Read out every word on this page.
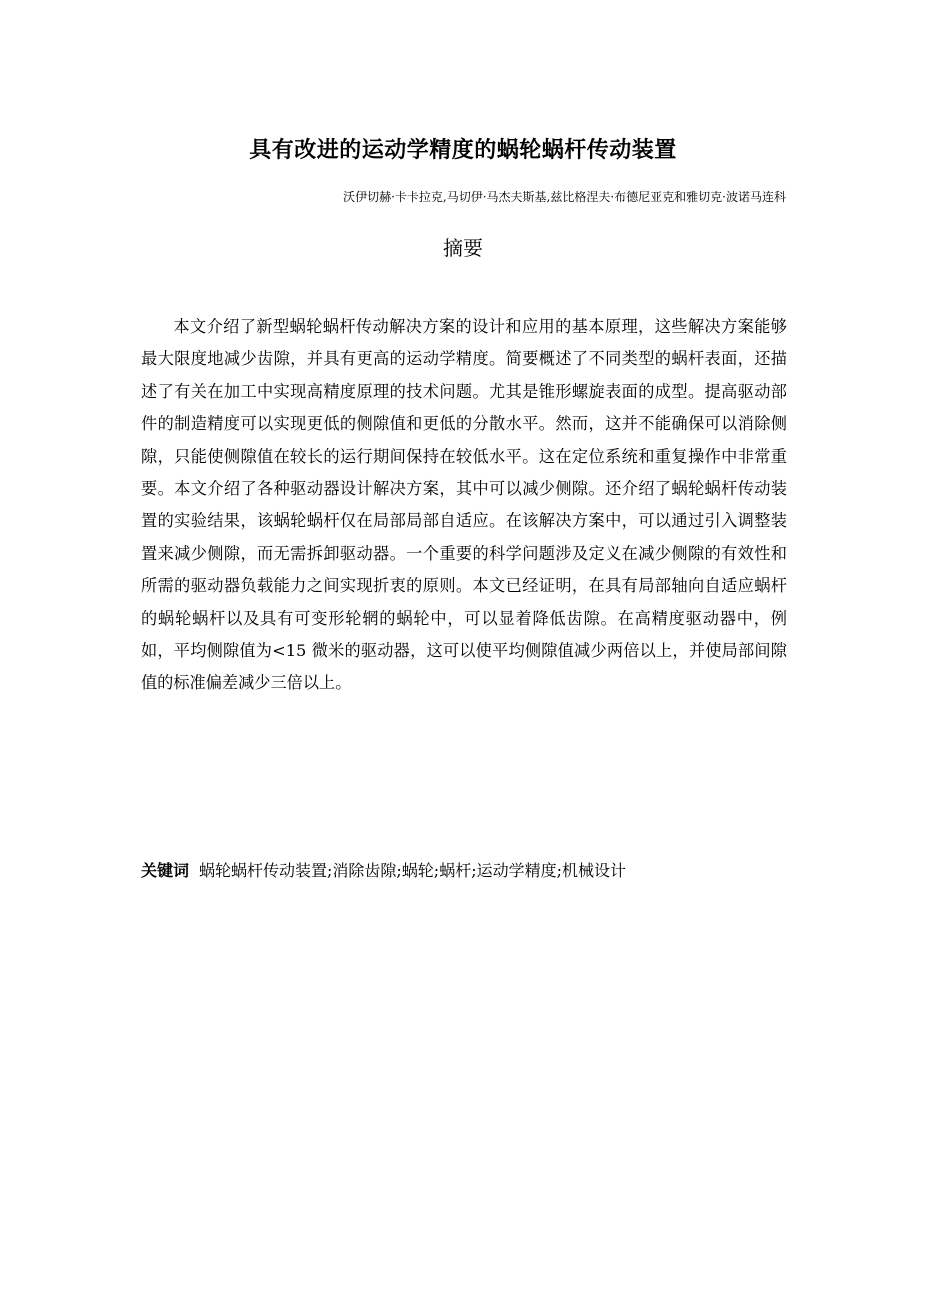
具有改进的运动学精度的蜗轮蜗杆传动装置
沃伊切赫·卡卡拉克,马切伊·马杰夫斯基,兹比格涅夫·布德尼亚克和雅切克·波诺马连科
摘要

本文介绍了新型蜗轮蜗杆传动解决方案的设计和应用的基本原理，这些解决方案能够最大限度地减少齿隙，并具有更高的运动学精度。简要概述了不同类型的蜗杆表面，还描述了有关在加工中实现高精度原理的技术问题。尤其是锥形螺旋表面的成型。提高驱动部件的制造精度可以实现更低的侧隙值和更低的分散水平。然而，这并不能确保可以消除侧隙，只能使侧隙值在较长的运行期间保持在较低水平。这在定位系统和重复操作中非常重要。本文介绍了各种驱动器设计解决方案，其中可以减少侧隙。还介绍了蜗轮蜗杆传动装置的实验结果，该蜗轮蜗杆仅在局部局部自适应。在该解决方案中，可以通过引入调整装置来减少侧隙，而无需拆卸驱动器。一个重要的科学问题涉及定义在减少侧隙的有效性和所需的驱动器负载能力之间实现折衷的原则。本文已经证明，在具有局部轴向自适应蜗杆的蜗轮蜗杆以及具有可变形轮辋的蜗轮中，可以显着降低齿隙。在高精度驱动器中，例如，平均侧隙值为<15 微米的驱动器，这可以使平均侧隙值减少两倍以上，并使局部间隙值的标准偏差减少三倍以上。

关键词 蜗轮蜗杆传动装置;消除齿隙;蜗轮;蜗杆;运动学精度;机械设计
